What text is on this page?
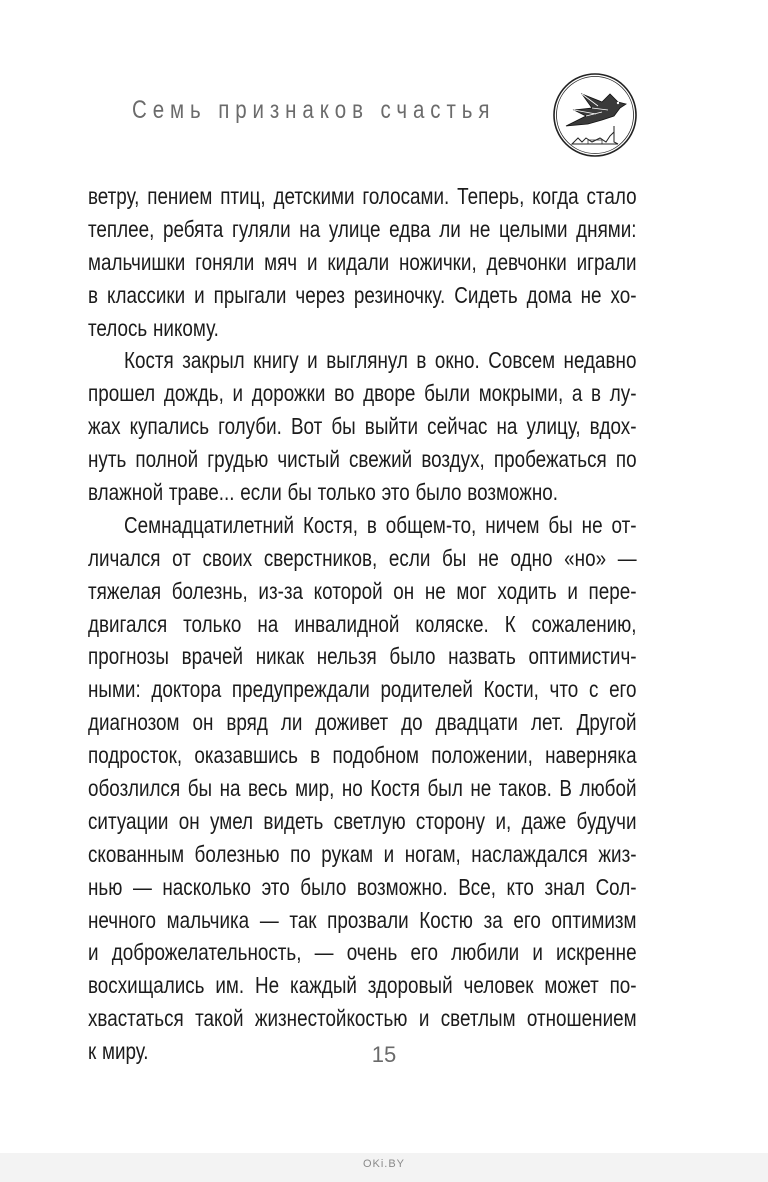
Семь признаков счастья
ветру, пением птиц, детскими голосами. Теперь, когда стало
теплее, ребята гуляли на улице едва ли не целыми днями:
мальчишки гоняли мяч и кидали ножички, девчонки играли
в классики и прыгали через резиночку. Сидеть дома не хо-
телось никому.
Костя закрыл книгу и выглянул в окно. Совсем недавно
прошел дождь, и дорожки во дворе были мокрыми, а в лу-
жах купались голуби. Вот бы выйти сейчас на улицу, вдох-
нуть полной грудью чистый свежий воздух, пробежаться по
влажной траве... если бы только это было возможно.
Семнадцатилетний Костя, в общем-то, ничем бы не от-
личался от своих сверстников, если бы не одно «но» —
тяжелая болезнь, из-за которой он не мог ходить и пере-
двигался только на инвалидной коляске. К сожалению,
прогнозы врачей никак нельзя было назвать оптимистич-
ными: доктора предупреждали родителей Кости, что с его
диагнозом он вряд ли доживет до двадцати лет. Другой
подросток, оказавшись в подобном положении, наверняка
обозлился бы на весь мир, но Костя был не таков. В любой
ситуации он умел видеть светлую сторону и, даже будучи
скованным болезнью по рукам и ногам, наслаждался жиз-
нью — насколько это было возможно. Все, кто знал Сол-
нечного мальчика — так прозвали Костю за его оптимизм
и доброжелательность, — очень его любили и искренне
восхищались им. Не каждый здоровый человек может по-
хвастаться такой жизнестойкостью и светлым отношением
к миру.	15
OKi.BY
